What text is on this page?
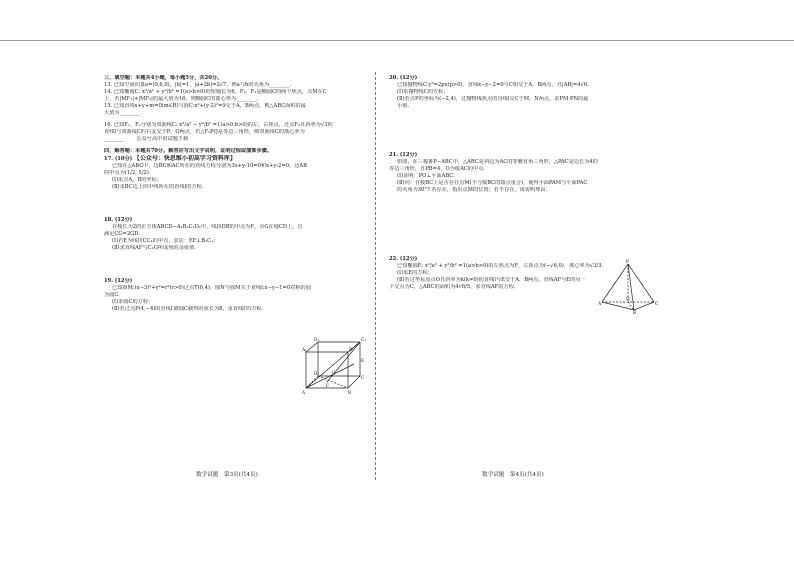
三、填空题：本题共4小题，每小题5分，共20分。
13. 已知空间向量a=(0,6,0)，|b|=1，|a+2b|=2√7，则a与b的夹角为________.
14. 已知椭圆C: x²/a² + y²/b² =1(a>b>0)的短轴长为6，F₁，F₂是椭圆C的两个焦点，点M在C
上，若|MF₁|+|MF₂|的最大值为16，则椭圆C的离心率为________.
15. 已知直线x+y+m=0(m∈R)与圆C:x²+(y-2)²=9交于A，B两点，则△ABC面积的最
大值为________.
16. 已知F₁，F₂分别为双曲线C: x²/a² − y²/b² =1(a>0,b>0)的左，右焦点，过点F₂且斜率为√3的
直线l与双曲线C的右支交于P，Q两点，若△F₁PQ是等边三角形，则双曲线C的离心率为
________ 公众号高中借试题下载
四、解答题：本题共70分。解答应写出文字说明，证明过程或演算步骤。
17. (10分) 【公众号：快思维小初高学习资料库】
已知在△ABC中，边BC和AC所在的直线方程分别为3x+y-10=0和x+y-2=0，边AB
的中点为(1/2, 5/2).
(Ⅰ)求点A，B的坐标；
(Ⅱ)求BC边上的中线所在的直线l的方程.
18. (12分)
在棱长为2的正方体ABCD−A₁B₁C₁D₁中，线段DB的中点为F，点G在棱CD上，且
满足CG=2GD.
(Ⅰ)若E为线段CC₁的中点，求证：EF⊥B₁C₁；
(Ⅱ)求直线AF与C₁G所成角的余弦值.
19. (12分)
已知圆M:(x−3)²+y²=r²(r>0)过点T(0,4)，圆N与圆M关于直线l:x−y−1=0对称的圆
为圆C.
(Ⅰ)求圆C的方程；
(Ⅱ)若过点P(4,−4)的直线l′被圆C截得的弦长为8，求直线l′的方程.
D₁	C₁
A₁	B₁
D	G
C
A
F
B
E
20. (12分)
已知抛物线C:y²=2px(p>0)，直线x−y−2=0与C相交于A，B两点，且|AB|=4√6.
(Ⅰ)求抛物线C的方程；
(Ⅱ)若点P的坐标为(−2,4)，过抛物线焦点的直线l交C于M，N两点，求PM·PN的最
小值.
21. (12分)
如图，在三棱锥P−ABC中，△ABC是斜边为AC的等腰直角三角形，△PAC是边长为4的
等边三角形，且PB=4，O为棱AC的中点.
(Ⅰ)证明：PO⊥平面ABC.
(Ⅱ)问：在棱BC上是否存在点M(不与棱BC的端点重合)，使得平面PAM与平面PAC
的夹角为30°? 若存在，指出点M的位置；若不存在，请说明理由.
22. (12分)
已知椭圆E: x²/a² + y²/b² =1(a>b>0)的左焦点为F，左顶点为(−√6,0)，离心率为√3/3.
(Ⅰ)求E的方程；
(Ⅱ)若过坐标原点O且斜率为k(k≠0)的直线l与E交于A，B两点，直线AF与E的另一
个交点为C，△ABC的面积为4√6/5，求直线AF的方程.
P
A
O
C
B
数学试题　第3页(共4页)	数学试题　第4页(共4页)
